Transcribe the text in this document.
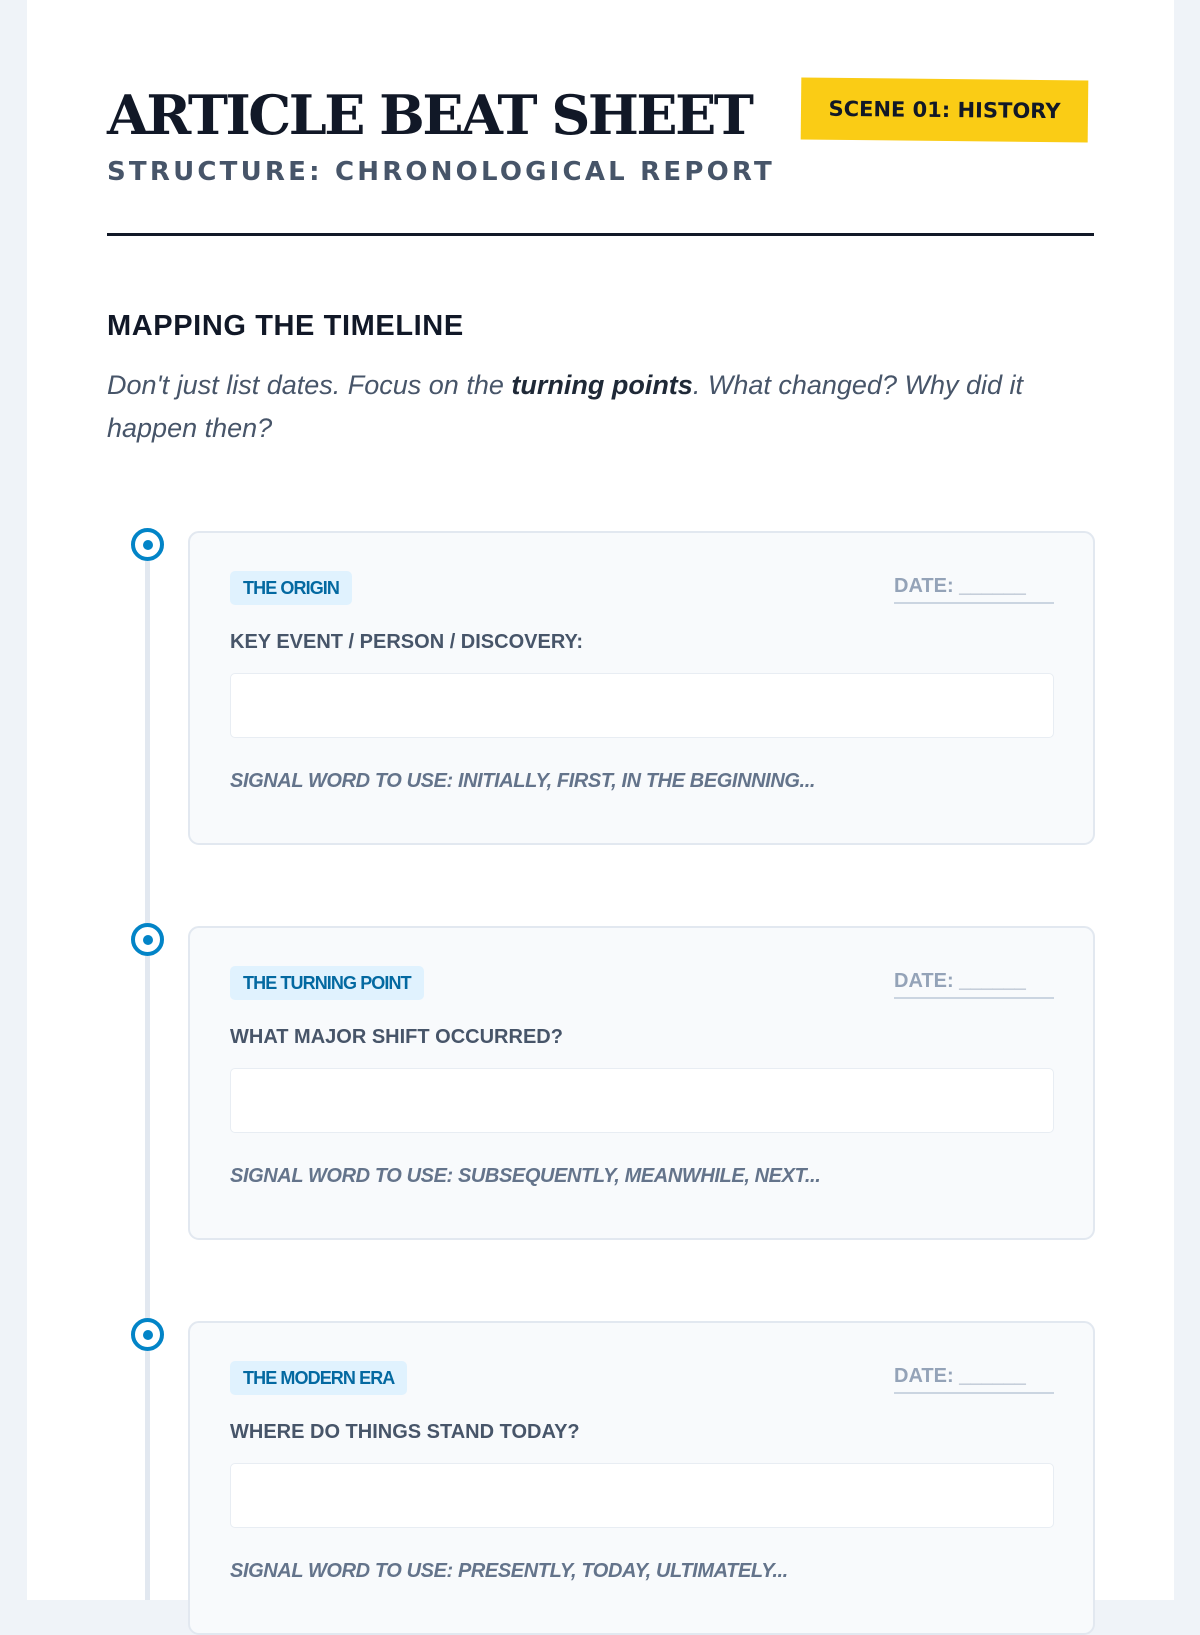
ARTICLE BEAT SHEET
STRUCTURE: CHRONOLOGICAL REPORT
SCENE 01: HISTORY
MAPPING THE TIMELINE

Don't just list dates. Focus on the turning points. What changed? Why did it happen then?

THE ORIGIN	DATE: ______
KEY EVENT / PERSON / DISCOVERY:
SIGNAL WORD TO USE: INITIALLY, FIRST, IN THE BEGINNING...
THE TURNING POINT	DATE: ______
WHAT MAJOR SHIFT OCCURRED?
SIGNAL WORD TO USE: SUBSEQUENTLY, MEANWHILE, NEXT...
THE MODERN ERA	DATE: ______
WHERE DO THINGS STAND TODAY?
SIGNAL WORD TO USE: PRESENTLY, TODAY, ULTIMATELY...
